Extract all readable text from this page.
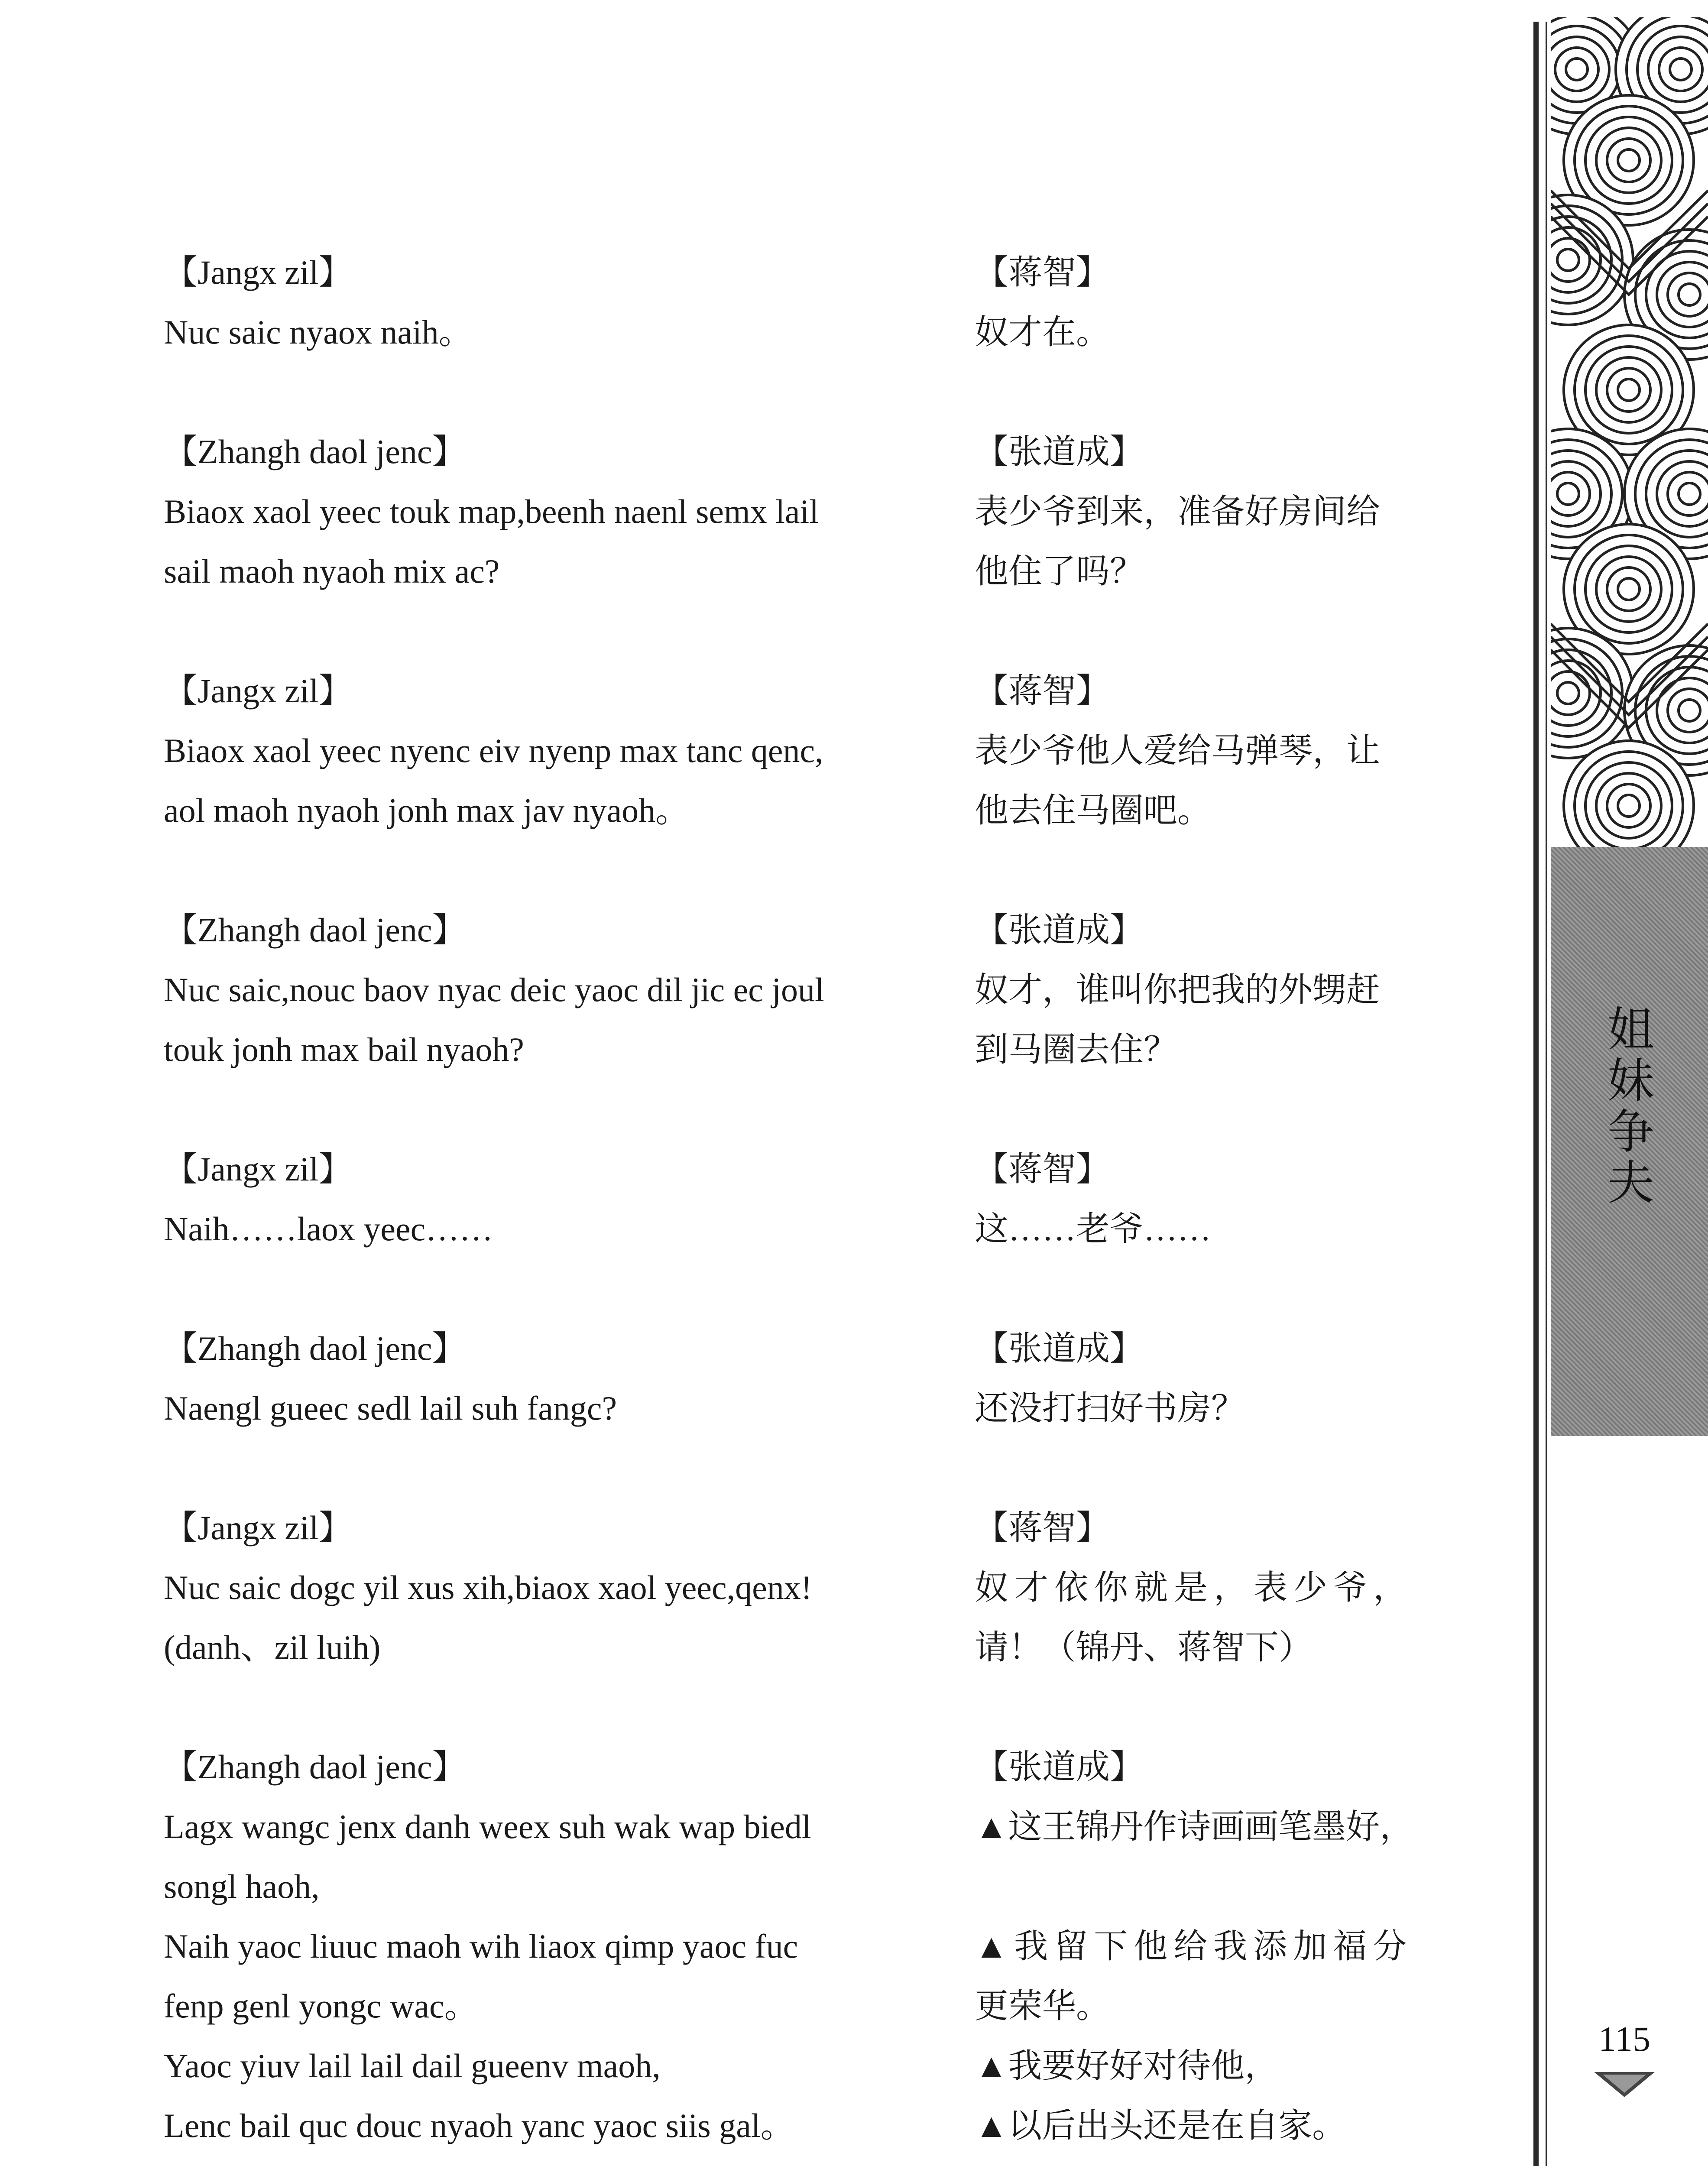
姐
妹
争
夫
115
【Jangx zil】	【蒋智】
Nuc saic nyaox naih。	奴才在。
【Zhangh daol jenc】	【张道成】
Biaox xaol yeec touk map,beenh naenl semx lail	表少爷到来，准备好房间给
sail maoh nyaoh mix ac?	他住了吗？
【Jangx zil】	【蒋智】
Biaox xaol yeec nyenc eiv nyenp max tanc qenc,	表少爷他人爱给马弹琴，让
aol maoh nyaoh jonh max jav nyaoh。	他去住马圈吧。
【Zhangh daol jenc】	【张道成】
Nuc saic,nouc baov nyac deic yaoc dil jic ec joul	奴才，谁叫你把我的外甥赶
touk jonh max bail nyaoh?	到马圈去住？
【Jangx zil】	【蒋智】
Naih……laox yeec……	这……老爷……
【Zhangh daol jenc】	【张道成】
Naengl gueec sedl lail suh fangc?	还没打扫好书房？
【Jangx zil】	【蒋智】
Nuc saic dogc yil xus xih,biaox xaol yeec,qenx!	奴才依你就是，表少爷，
(danh、zil luih)	请！（锦丹、蒋智下）
【Zhangh daol jenc】	【张道成】
Lagx wangc jenx danh weex suh wak wap biedl	▲这王锦丹作诗画画笔墨好，
songl haoh,
Naih yaoc liuuc maoh wih liaox qimp yaoc fuc	▲我留下他给我添加福分
fenp genl yongc wac。	更荣华。
Yaoc yiuv lail lail dail gueenv maoh,	▲我要好好对待他，
Lenc bail quc douc nyaoh yanc yaoc siis gal。	▲以后出头还是在自家。
